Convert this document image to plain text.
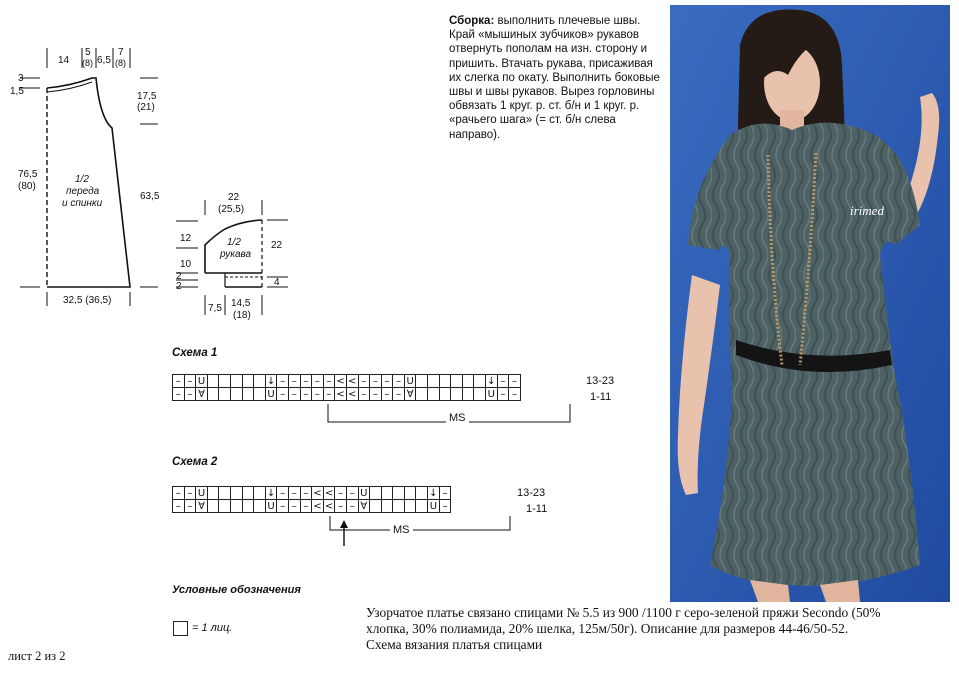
14
5
(8) 6,5
7
(8)
3
1,5	17,5
(21)
76,5
(80)
63,5
32,5 (36,5)
1/2
переда
и спинки
22
(25,5)
12
10
2
2
22
4
7,5 14,5
(18)
1/2
рукава
Сборка: выполнить плечевые швы. Край «мышиных зубчиков» рукавов отвернуть пополам на изн. сторону и пришить. Втачать рукава, присаживая их слегка по окату. Выполнить боковые швы и швы рукавов. Вырез горловины обвязать 1 круг. р. ст. б/н и 1 круг. р. «рачьего шага» (= ст. б/н слева направо).
Схема 1
–	–	U						↓	–	–	–	–	–	<	<	–	–	–	–	U							↓	–	–
–	–	∀						U	–	–	–	–	–	<	<	–	–	–	–	∀							U	–	–
13-23
1-11
MS
Схема 2
–	–	U						↓	–	–	–	<	<	–	–	U						↓	–
–	–	∀						U	–	–	–	<	<	–	–	∀						U	–
13-23
1-11
MS
Условные обозначения
= 1 лиц.
irimed
Узорчатое платье связано спицами № 5.5 из 900 /1100 г серо-зеленой пряжи Secondo (50%
хлопка, 30% полиамида, 20% шелка, 125м/50г). Описание для размеров 44-46/50-52.
Схема вязания платья спицами
лист 2 из 2
